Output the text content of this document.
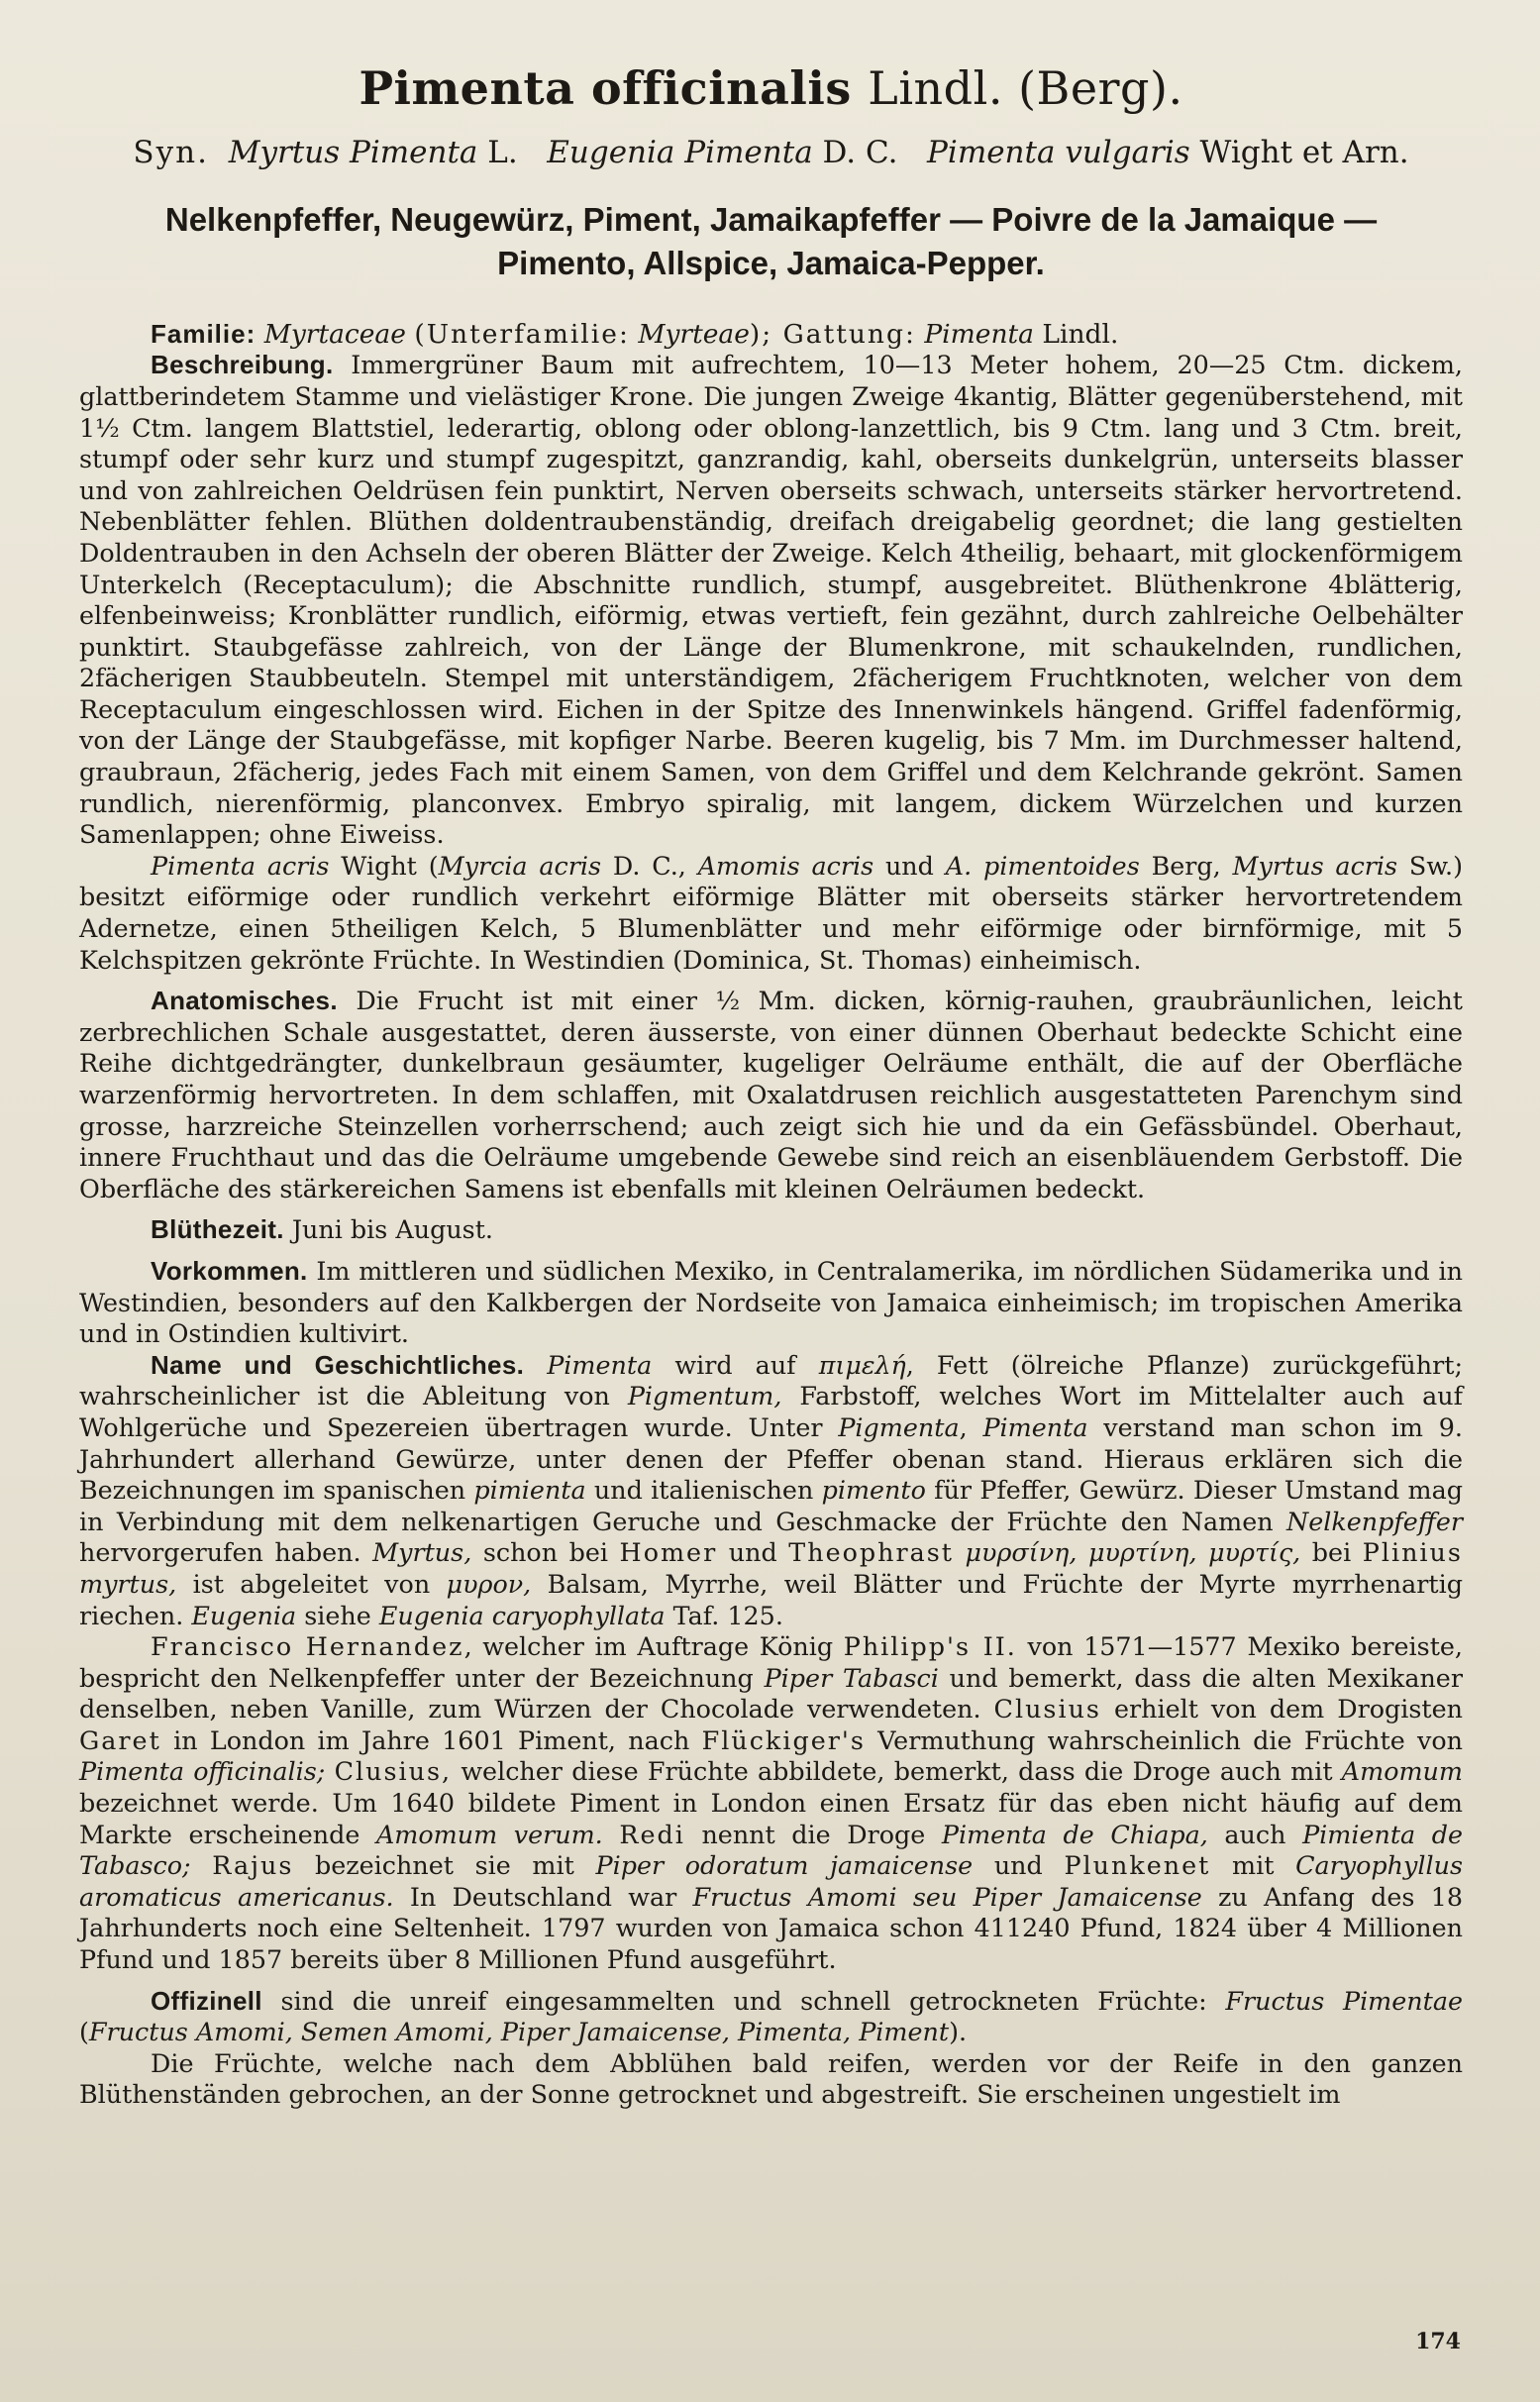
Pimenta officinalis Lindl. (Berg).
Syn. Myrtus Pimenta L. Eugenia Pimenta D. C. Pimenta vulgaris Wight et Arn.
Nelkenpfeffer, Neugewürz, Piment, Jamaikapfeffer — Poivre de la Jamaique —
Pimento, Allspice, Jamaica-Pepper.

Familie: Myrtaceae (Unterfamilie: Myrteae); Gattung: Pimenta Lindl.

Beschreibung. Immergrüner Baum mit aufrechtem, 10—13 Meter hohem, 20—25 Ctm. dickem, glattberindetem Stamme und vielästiger Krone. Die jungen Zweige 4kantig, Blätter gegenüberstehend, mit 1½ Ctm. langem Blattstiel, lederartig, oblong oder oblong-lanzettlich, bis 9 Ctm. lang und 3 Ctm. breit, stumpf oder sehr kurz und stumpf zugespitzt, ganzrandig, kahl, oberseits dunkelgrün, unterseits blasser und von zahlreichen Oeldrüsen fein punktirt, Nerven oberseits schwach, unterseits stärker hervortretend. Nebenblätter fehlen. Blüthen doldentraubenständig, dreifach dreigabelig geordnet; die lang gestielten Doldentrauben in den Achseln der oberen Blätter der Zweige. Kelch 4theilig, behaart, mit glockenförmigem Unterkelch (Receptaculum); die Abschnitte rundlich, stumpf, ausgebreitet. Blüthenkrone 4blätterig, elfenbeinweiss; Kronblätter rundlich, eiförmig, etwas vertieft, fein gezähnt, durch zahlreiche Oelbehälter punktirt. Staubgefässe zahlreich, von der Länge der Blumenkrone, mit schaukelnden, rundlichen, 2fächerigen Staubbeuteln. Stempel mit unterständigem, 2fächerigem Fruchtknoten, welcher von dem Receptaculum eingeschlossen wird. Eichen in der Spitze des Innenwinkels hängend. Griffel fadenförmig, von der Länge der Staubgefässe, mit kopfiger Narbe. Beeren kugelig, bis 7 Mm. im Durchmesser haltend, graubraun, 2fächerig, jedes Fach mit einem Samen, von dem Griffel und dem Kelchrande gekrönt. Samen rundlich, nierenförmig, planconvex. Embryo spiralig, mit langem, dickem Würzelchen und kurzen Samenlappen; ohne Eiweiss.

Pimenta acris Wight (Myrcia acris D. C., Amomis acris und A. pimentoides Berg, Myrtus acris Sw.) besitzt eiförmige oder rundlich verkehrt eiförmige Blätter mit oberseits stärker hervortretendem Adernetze, einen 5theiligen Kelch, 5 Blumenblätter und mehr eiförmige oder birnförmige, mit 5 Kelchspitzen gekrönte Früchte. In Westindien (Dominica, St. Thomas) einheimisch.

Anatomisches. Die Frucht ist mit einer ½ Mm. dicken, körnig-rauhen, graubräunlichen, leicht zerbrechlichen Schale ausgestattet, deren äusserste, von einer dünnen Oberhaut bedeckte Schicht eine Reihe dichtgedrängter, dunkelbraun gesäumter, kugeliger Oelräume enthält, die auf der Oberfläche warzenförmig hervortreten. In dem schlaffen, mit Oxalatdrusen reichlich ausgestatteten Parenchym sind grosse, harzreiche Steinzellen vorherrschend; auch zeigt sich hie und da ein Gefässbündel. Oberhaut, innere Fruchthaut und das die Oelräume umgebende Gewebe sind reich an eisenbläuendem Gerbstoff. Die Oberfläche des stärkereichen Samens ist ebenfalls mit kleinen Oelräumen bedeckt.

Blüthezeit. Juni bis August.

Vorkommen. Im mittleren und südlichen Mexiko, in Centralamerika, im nördlichen Südamerika und in Westindien, besonders auf den Kalkbergen der Nordseite von Jamaica einheimisch; im tropischen Amerika und in Ostindien kultivirt.

Name und Geschichtliches. Pimenta wird auf πιμελή, Fett (ölreiche Pflanze) zurückgeführt; wahrscheinlicher ist die Ableitung von Pigmentum, Farbstoff, welches Wort im Mittelalter auch auf Wohlgerüche und Spezereien übertragen wurde. Unter Pigmenta, Pimenta verstand man schon im 9. Jahrhundert allerhand Gewürze, unter denen der Pfeffer obenan stand. Hieraus erklären sich die Bezeichnungen im spanischen pimienta und italienischen pimento für Pfeffer, Gewürz. Dieser Umstand mag in Verbindung mit dem nelkenartigen Geruche und Geschmacke der Früchte den Namen Nelkenpfeffer hervorgerufen haben. Myrtus, schon bei Homer und Theophrast μυρσίνη, μυρτίνη, μυρτίς, bei Plinius myrtus, ist abgeleitet von μυρον, Balsam, Myrrhe, weil Blätter und Früchte der Myrte myrrhenartig riechen. Eugenia siehe Eugenia caryophyllata Taf. 125.

Francisco Hernandez, welcher im Auftrage König Philipp's II. von 1571—1577 Mexiko bereiste, bespricht den Nelkenpfeffer unter der Bezeichnung Piper Tabasci und bemerkt, dass die alten Mexikaner denselben, neben Vanille, zum Würzen der Chocolade verwendeten. Clusius erhielt von dem Drogisten Garet in London im Jahre 1601 Piment, nach Flückiger's Vermuthung wahrscheinlich die Früchte von Pimenta officinalis; Clusius, welcher diese Früchte abbildete, bemerkt, dass die Droge auch mit Amomum bezeichnet werde. Um 1640 bildete Piment in London einen Ersatz für das eben nicht häufig auf dem Markte erscheinende Amomum verum. Redi nennt die Droge Pimenta de Chiapa, auch Pimienta de Tabasco; Rajus bezeichnet sie mit Piper odoratum jamaicense und Plunkenet mit Caryophyllus aromaticus americanus. In Deutschland war Fructus Amomi seu Piper Jamaicense zu Anfang des 18 Jahrhunderts noch eine Seltenheit. 1797 wurden von Jamaica schon 411240 Pfund, 1824 über 4 Millionen Pfund und 1857 bereits über 8 Millionen Pfund ausgeführt.

Offizinell sind die unreif eingesammelten und schnell getrockneten Früchte: Fructus Pimentae (Fructus Amomi, Semen Amomi, Piper Jamaicense, Pimenta, Piment).

Die Früchte, welche nach dem Abblühen bald reifen, werden vor der Reife in den ganzen Blüthenständen gebrochen, an der Sonne getrocknet und abgestreift. Sie erscheinen ungestielt im

174
